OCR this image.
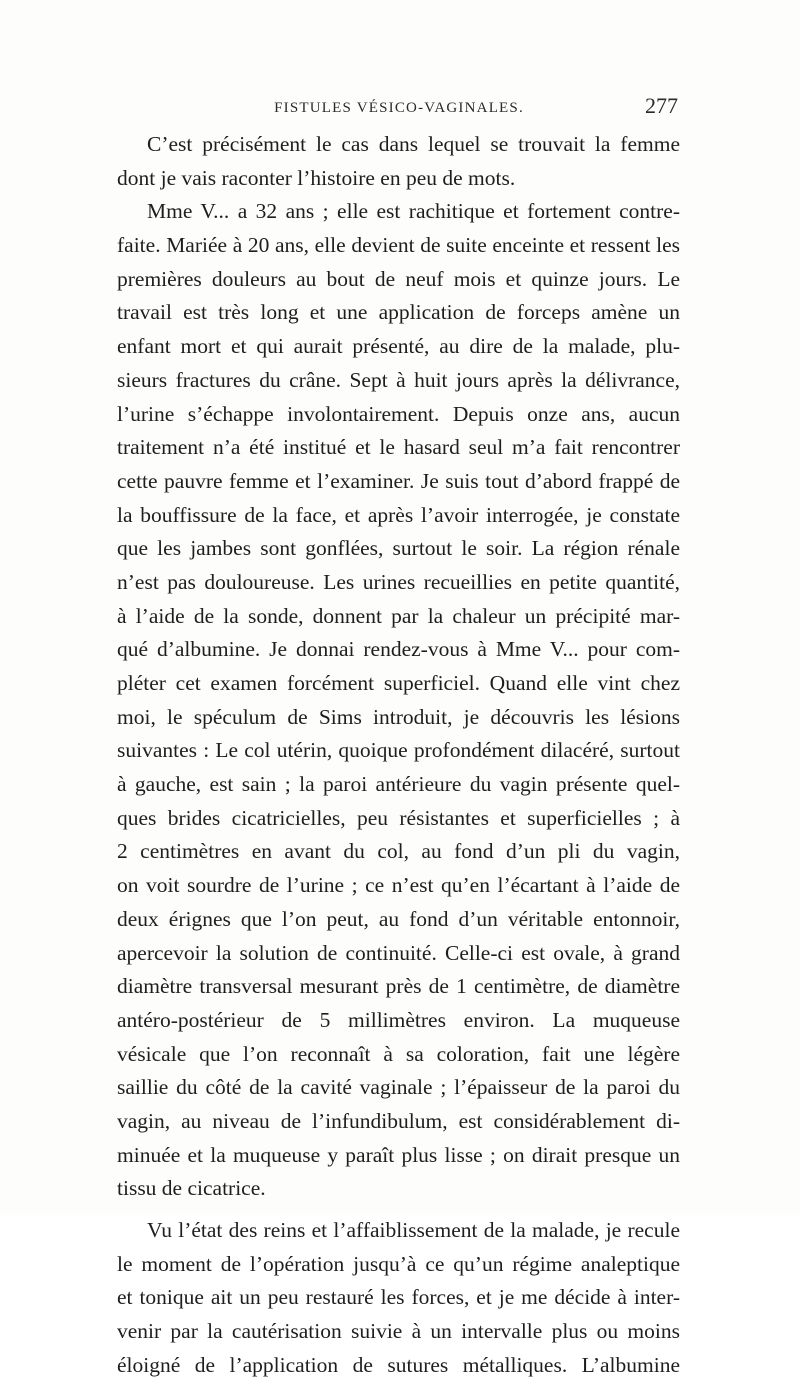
FISTULES VÉSICO-VAGINALES.	277
C’est précisément le cas dans lequel se trouvait la femme
dont je vais raconter l’histoire en peu de mots.
Mme V... a 32 ans ; elle est rachitique et fortement contre-
faite. Mariée à 20 ans, elle devient de suite enceinte et ressent les
premières douleurs au bout de neuf mois et quinze jours. Le
travail est très long et une application de forceps amène un
enfant mort et qui aurait présenté, au dire de la malade, plu-
sieurs fractures du crâne. Sept à huit jours après la délivrance,
l’urine s’échappe involontairement. Depuis onze ans, aucun
traitement n’a été institué et le hasard seul m’a fait rencontrer
cette pauvre femme et l’examiner. Je suis tout d’abord frappé de
la bouffissure de la face, et après l’avoir interrogée, je constate
que les jambes sont gonflées, surtout le soir. La région rénale
n’est pas douloureuse. Les urines recueillies en petite quantité,
à l’aide de la sonde, donnent par la chaleur un précipité mar-
qué d’albumine. Je donnai rendez-vous à Mme V... pour com-
pléter cet examen forcément superficiel. Quand elle vint chez
moi, le spéculum de Sims introduit, je découvris les lésions
suivantes : Le col utérin, quoique profondément dilacéré, surtout
à gauche, est sain ; la paroi antérieure du vagin présente quel-
ques brides cicatricielles, peu résistantes et superficielles ; à
2 centimètres en avant du col, au fond d’un pli du vagin,
on voit sourdre de l’urine ; ce n’est qu’en l’écartant à l’aide de
deux érignes que l’on peut, au fond d’un véritable entonnoir,
apercevoir la solution de continuité. Celle-ci est ovale, à grand
diamètre transversal mesurant près de 1 centimètre, de diamètre
antéro-postérieur de 5 millimètres environ. La muqueuse
vésicale que l’on reconnaît à sa coloration, fait une légère
saillie du côté de la cavité vaginale ; l’épaisseur de la paroi du
vagin, au niveau de l’infundibulum, est considérablement di-
minuée et la muqueuse y paraît plus lisse ; on dirait presque un
tissu de cicatrice.
Vu l’état des reins et l’affaiblissement de la malade, je recule
le moment de l’opération jusqu’à ce qu’un régime analeptique
et tonique ait un peu restauré les forces, et je me décide à inter-
venir par la cautérisation suivie à un intervalle plus ou moins
éloigné de l’application de sutures métalliques. L’albumine
